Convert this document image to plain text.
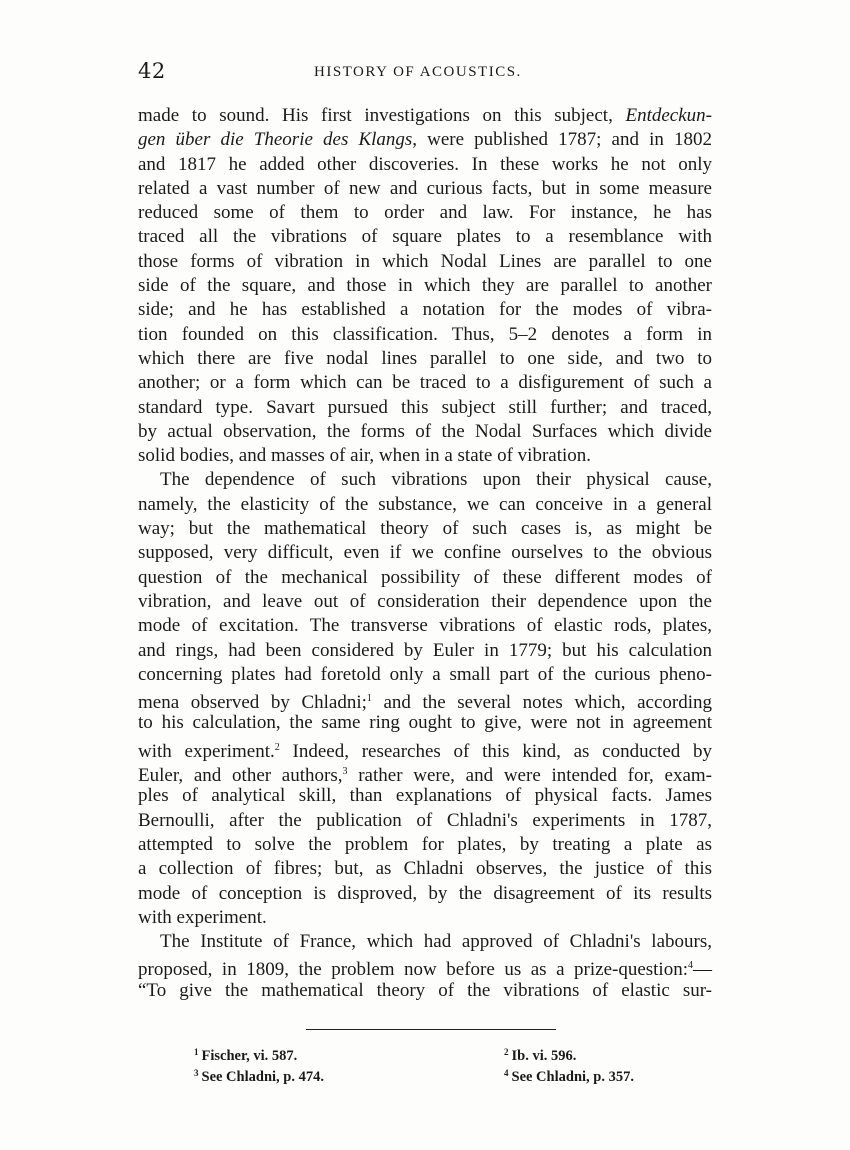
42	HISTORY OF ACOUSTICS.
made to sound. His first investigations on this subject, Entdeckun-
gen über die Theorie des Klangs, were published 1787; and in 1802
and 1817 he added other discoveries. In these works he not only
related a vast number of new and curious facts, but in some measure
reduced some of them to order and law. For instance, he has
traced all the vibrations of square plates to a resemblance with
those forms of vibration in which Nodal Lines are parallel to one
side of the square, and those in which they are parallel to another
side; and he has established a notation for the modes of vibra-
tion founded on this classification. Thus, 5–2 denotes a form in
which there are five nodal lines parallel to one side, and two to
another; or a form which can be traced to a disfigurement of such a
standard type. Savart pursued this subject still further; and traced,
by actual observation, the forms of the Nodal Surfaces which divide
solid bodies, and masses of air, when in a state of vibration.
The dependence of such vibrations upon their physical cause,
namely, the elasticity of the substance, we can conceive in a general
way; but the mathematical theory of such cases is, as might be
supposed, very difficult, even if we confine ourselves to the obvious
question of the mechanical possibility of these different modes of
vibration, and leave out of consideration their dependence upon the
mode of excitation. The transverse vibrations of elastic rods, plates,
and rings, had been considered by Euler in 1779; but his calculation
concerning plates had foretold only a small part of the curious pheno-
mena observed by Chladni;$^1$ and the several notes which, according
to his calculation, the same ring ought to give, were not in agreement
with experiment.$^2$ Indeed, researches of this kind, as conducted by
Euler, and other authors,$^3$ rather were, and were intended for, exam-
ples of analytical skill, than explanations of physical facts. James
Bernoulli, after the publication of Chladni's experiments in 1787,
attempted to solve the problem for plates, by treating a plate as
a collection of fibres; but, as Chladni observes, the justice of this
mode of conception is disproved, by the disagreement of its results
with experiment.
The Institute of France, which had approved of Chladni's labours,
proposed, in 1809, the problem now before us as a prize-question:$^4$—
“To give the mathematical theory of the vibrations of elastic sur-
$^1$ Fischer, vi. 587.	$^2$ Ib. vi. 596.
$^3$ See Chladni, p. 474.	$^4$ See Chladni, p. 357.
